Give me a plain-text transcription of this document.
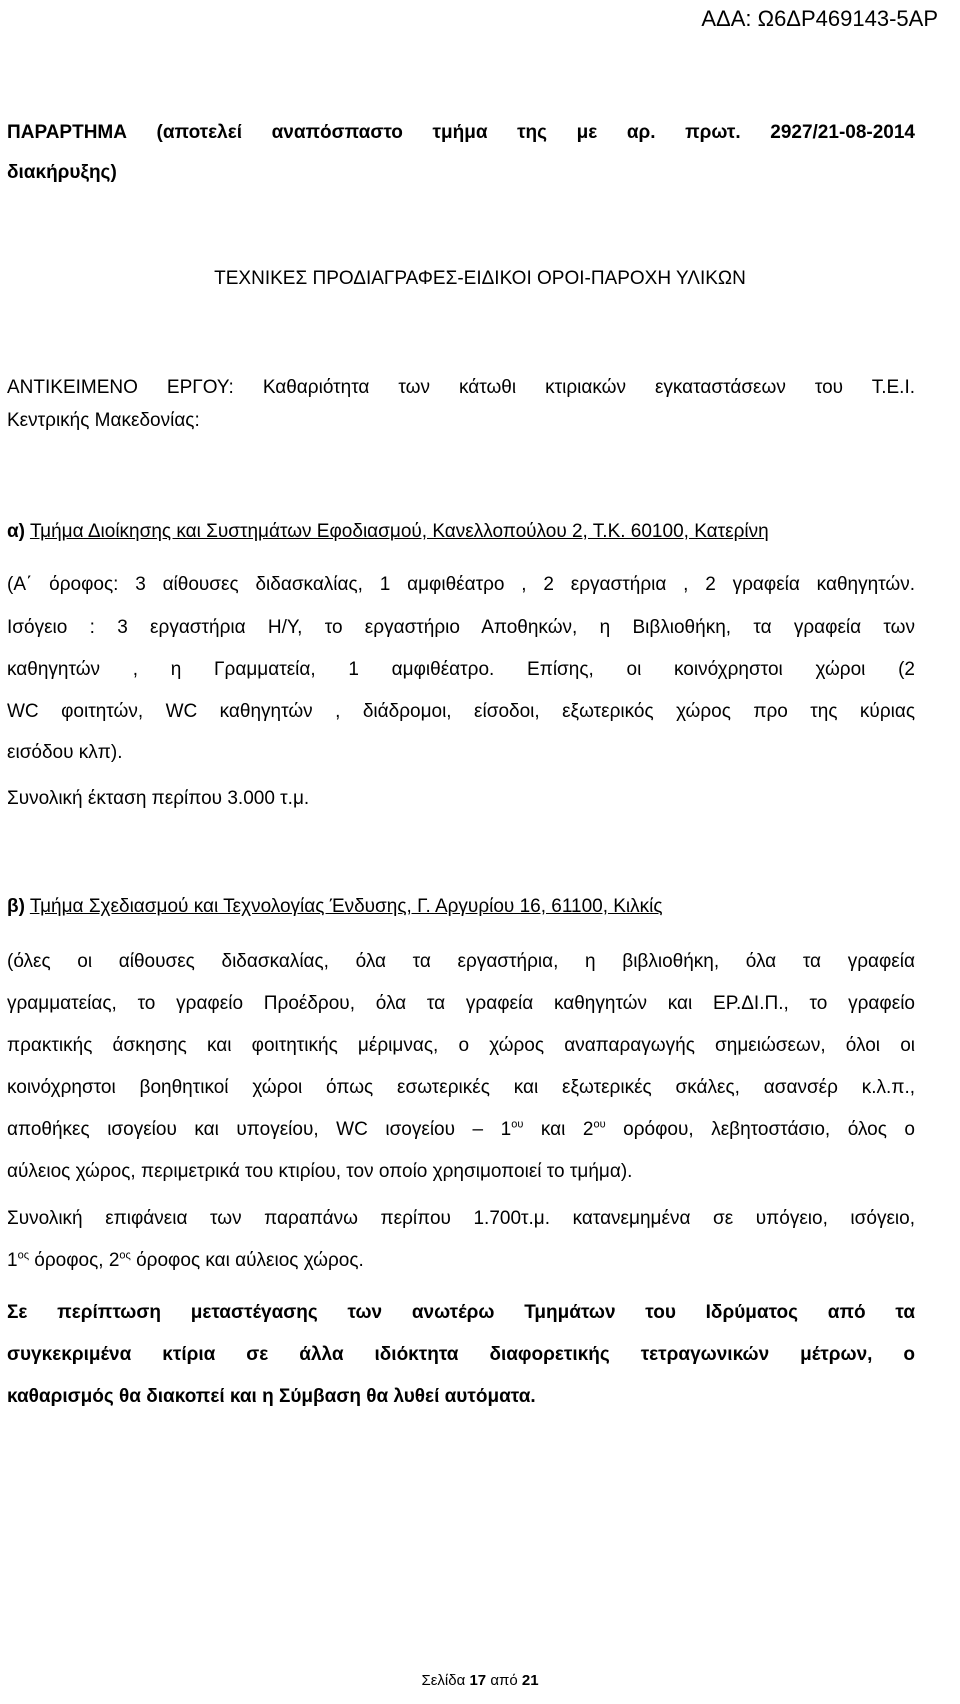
ΑΔΑ: Ω6ΔΡ469143-5ΑΡ
ΠΑΡΑΡΤΗΜΑ (αποτελεί αναπόσπαστο τμήμα της με αρ. πρωτ. 2927/21-08-2014
διακήρυξης)
ΤΕΧΝΙΚΕΣ ΠΡΟΔΙΑΓΡΑΦΕΣ-ΕΙΔΙΚΟΙ ΟΡΟΙ-ΠΑΡΟΧΗ ΥΛΙΚΩΝ
ΑΝΤΙΚΕΙΜΕΝΟ ΕΡΓΟΥ: Καθαριότητα των κάτωθι κτιριακών εγκαταστάσεων του Τ.Ε.Ι.
Κεντρικής Μακεδονίας:
α) Τμήμα Διοίκησης και Συστημάτων Εφοδιασμού, Κανελλοπούλου 2, Τ.Κ. 60100, Κατερίνη
(Α΄ όροφος: 3 αίθουσες διδασκαλίας, 1 αμφιθέατρο , 2 εργαστήρια , 2 γραφεία καθηγητών.
Ισόγειο : 3 εργαστήρια Η/Υ, το εργαστήριο Αποθηκών, η Βιβλιοθήκη, τα γραφεία των
καθηγητών , η Γραμματεία, 1 αμφιθέατρο. Επίσης, οι κοινόχρηστοι χώροι (2
WC φοιτητών, WC καθηγητών , διάδρομοι, είσοδοι, εξωτερικός χώρος προ της κύριας
εισόδου κλπ).
Συνολική έκταση περίπου 3.000 τ.μ.
β) Τμήμα Σχεδιασμού και Τεχνολογίας Ένδυσης, Γ. Αργυρίου 16, 61100, Κιλκίς
(όλες οι αίθουσες διδασκαλίας, όλα τα εργαστήρια, η βιβλιοθήκη, όλα τα γραφεία
γραμματείας, το γραφείο Προέδρου, όλα τα γραφεία καθηγητών και ΕΡ.ΔΙ.Π., το γραφείο
πρακτικής άσκησης και φοιτητικής μέριμνας, ο χώρος αναπαραγωγής σημειώσεων, όλοι οι
κοινόχρηστοι βοηθητικοί χώροι όπως εσωτερικές και εξωτερικές σκάλες, ασανσέρ κ.λ.π.,
αποθήκες ισογείου και υπογείου, WC ισογείου – $1^{o\upsilon}$ και $2^{o\upsilon}$ ορόφου, λεβητοστάσιο, όλος ο
αύλειος χώρος, περιμετρικά του κτιρίου, τον οποίο χρησιμοποιεί το τμήμα).
Συνολική επιφάνεια των παραπάνω περίπου 1.700τ.μ. κατανεμημένα σε υπόγειο, ισόγειο,
$1^{o\varsigma}$ όροφος, $2^{o\varsigma}$ όροφος και αύλειος χώρος.
Σε περίπτωση μεταστέγασης των ανωτέρω Τμημάτων του Ιδρύματος από τα
συγκεκριμένα κτίρια σε άλλα ιδιόκτητα διαφορετικής τετραγωνικών μέτρων, ο
καθαρισμός θα διακοπεί και η Σύμβαση θα λυθεί αυτόματα.
Σελίδα 17 από 21
